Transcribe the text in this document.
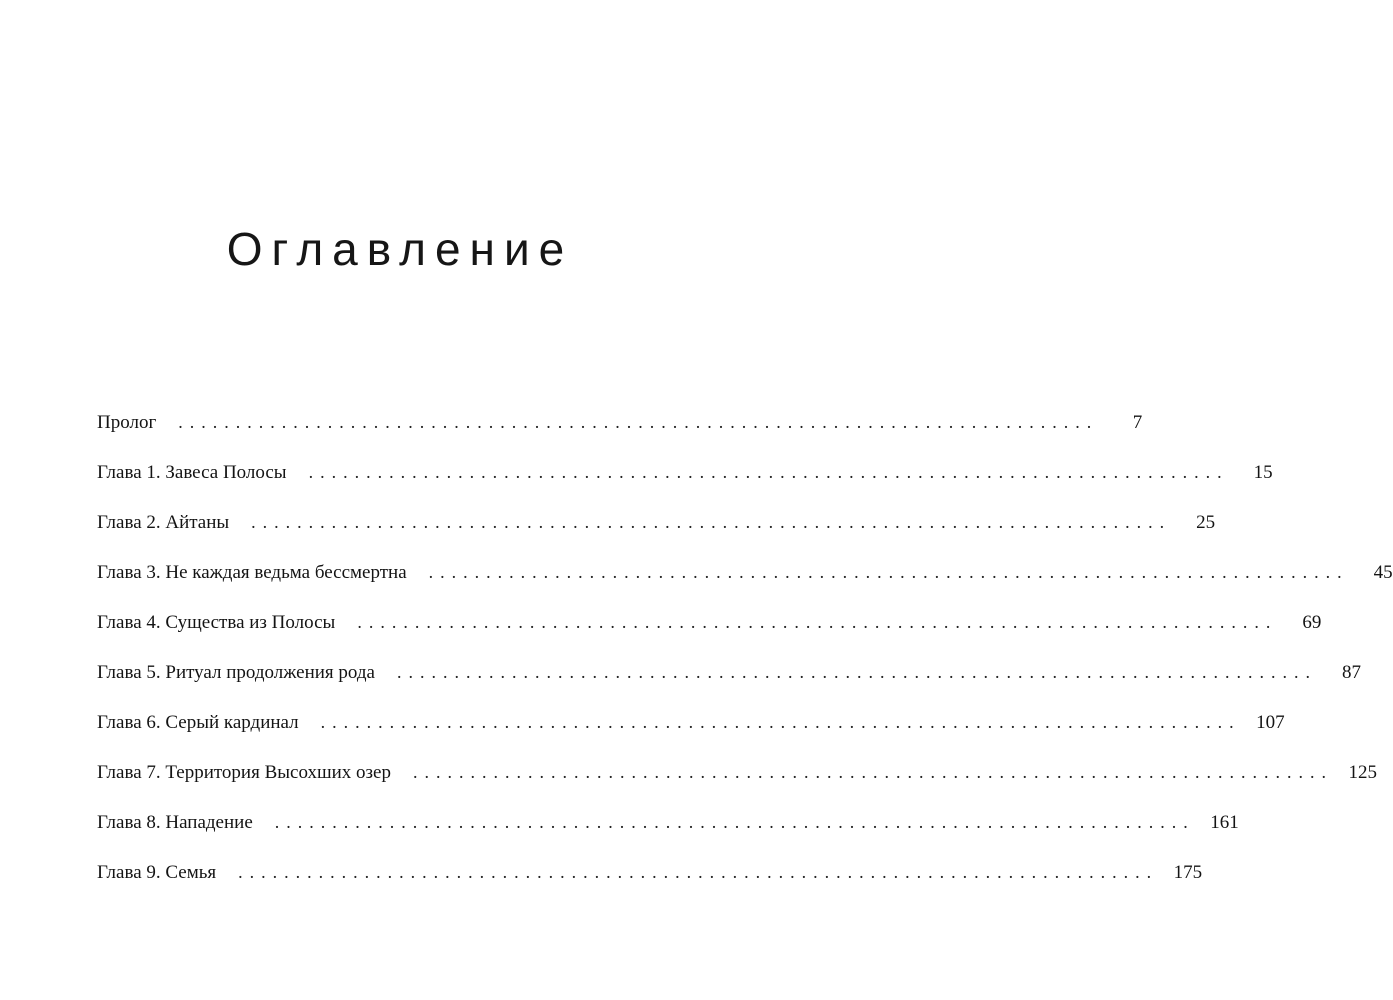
Оглавление
Пролог	................................................................................	7
Глава 1. Завеса Полосы	................................................................................	15
Глава 2. Айтаны	................................................................................	25
Глава 3. Не каждая ведьма бессмертна	................................................................................	45
Глава 4. Существа из Полосы	................................................................................	69
Глава 5. Ритуал продолжения рода	................................................................................	87
Глава 6. Серый кардинал	................................................................................ 107
Глава 7. Территория Высохших озер	................................................................................ 125
Глава 8. Нападение	................................................................................ 161
Глава 9. Семья	................................................................................ 175
